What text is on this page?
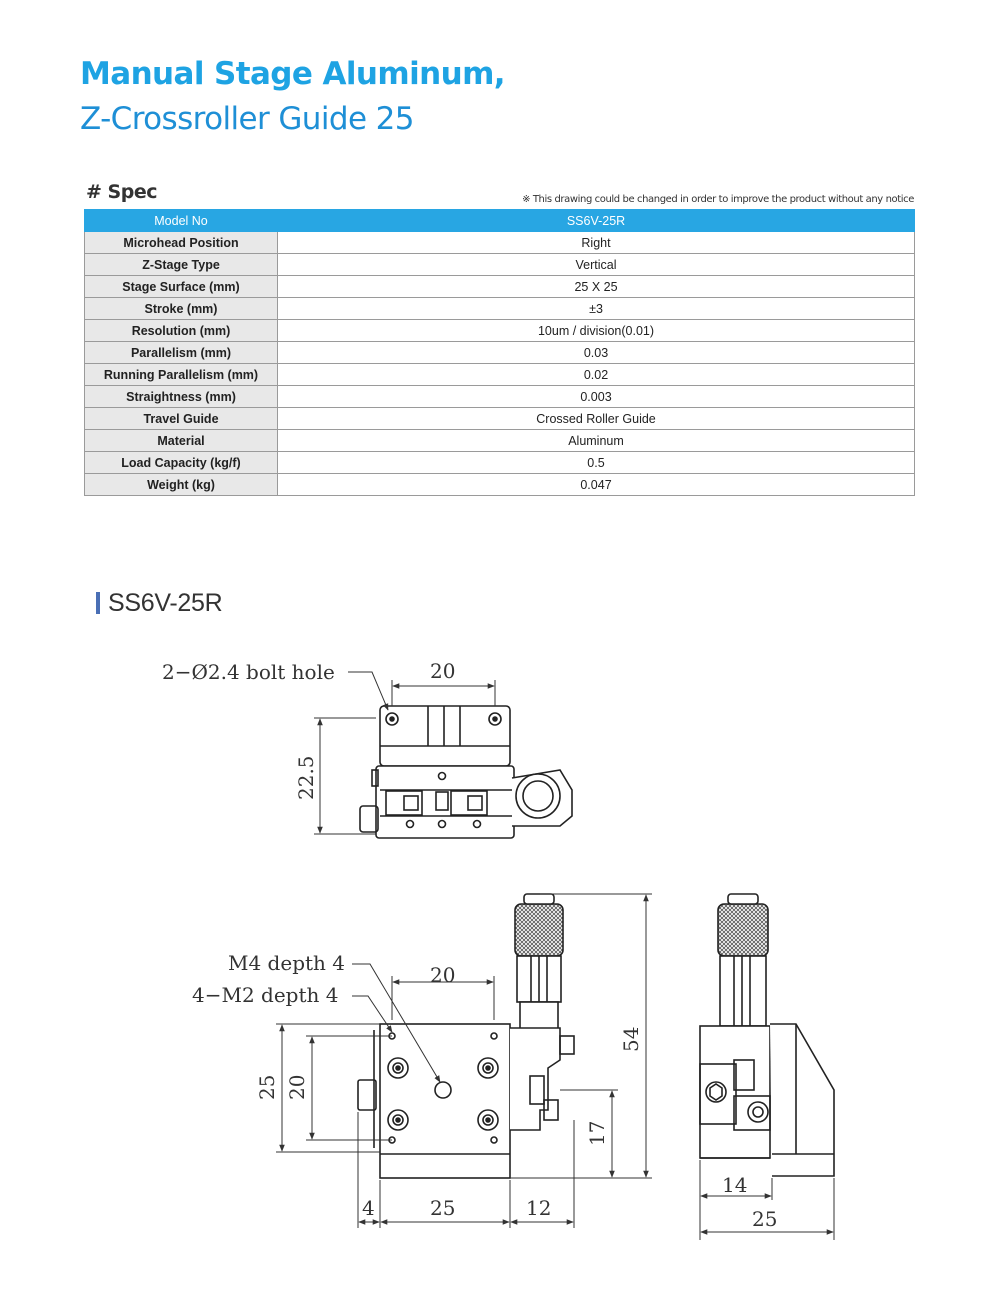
Manual Stage Aluminum,
Z-Crossroller Guide 25
# Spec	※ This drawing could be changed in order to improve the product without any notice
Model No	SS6V-25R
Microhead Position	Right
Z-Stage Type	Vertical
Stage Surface (mm)	25 X 25
Stroke (mm)	±3
Resolution (mm)	10um / division(0.01)
Parallelism (mm)	0.03
Running Parallelism (mm)	0.02
Straightness (mm)	0.003
Travel Guide	Crossed Roller Guide
Material	Aluminum
Load Capacity (kg/f)	0.5
Weight (kg)	0.047
SS6V-25R
2−Ø2.4 bolt hole	20
22.5
M4 depth 4
4−M2 depth 4
20
25 20
54
17
4	25	12
14
25
